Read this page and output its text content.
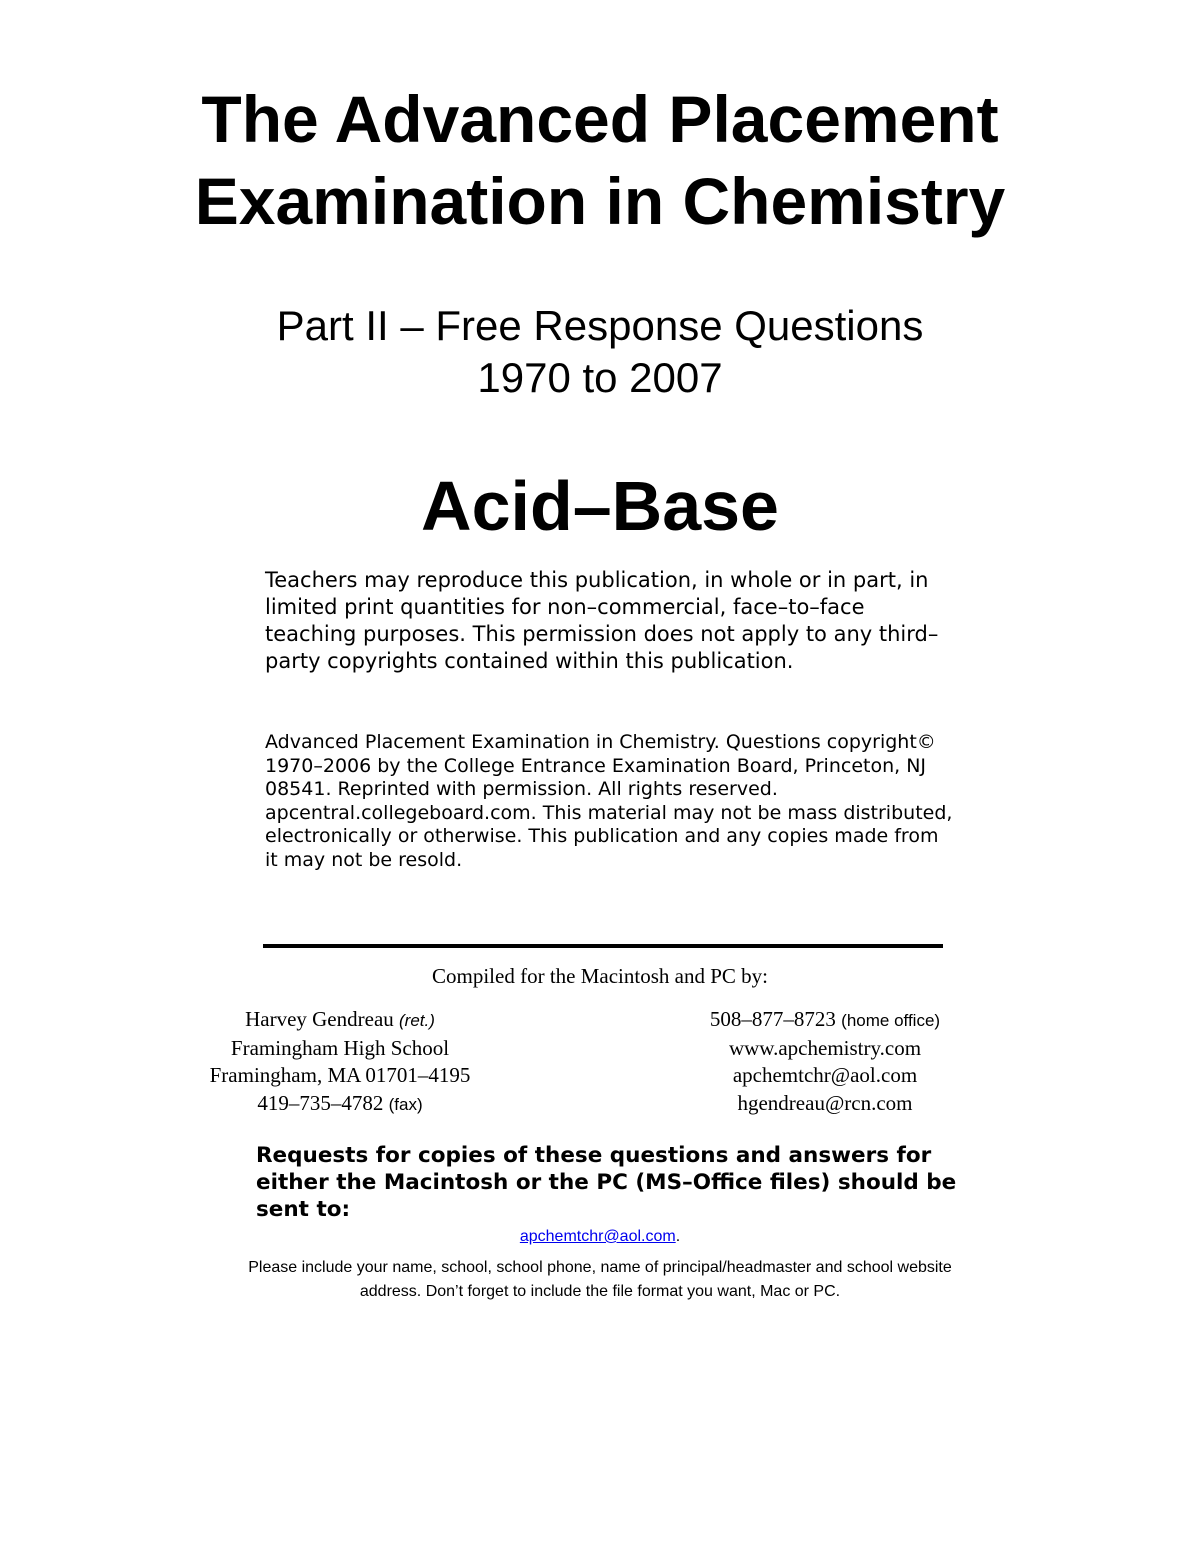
The Advanced Placement
Examination in Chemistry
Part II – Free Response Questions
1970 to 2007
Acid–Base

Teachers may reproduce this publication, in whole or in part, in limited print quantities for non–commercial, face–to–face teaching purposes. This permission does not apply to any third–party copyrights contained within this publication.

Advanced Placement Examination in Chemistry. Questions copyright© 1970–2006 by the College Entrance Examination Board, Princeton, NJ 08541. Reprinted with permission. All rights reserved. apcentral.collegeboard.com. This material may not be mass distributed, electronically or otherwise. This publication and any copies made from it may not be resold.

Compiled for the Macintosh and PC by:
Harvey Gendreau (ret.)
Framingham High School
Framingham, MA 01701–4195
419–735–4782 (fax)
508–877–8723 (home office)
www.apchemistry.com
apchemtchr@aol.com
hgendreau@rcn.com

Requests for copies of these questions and answers for either the Macintosh or the PC (MS–Office files) should be sent to:

apchemtchr@aol.com.

Please include your name, school, school phone, name of principal/headmaster and school website address. Don’t forget to include the file format you want, Mac or PC.
